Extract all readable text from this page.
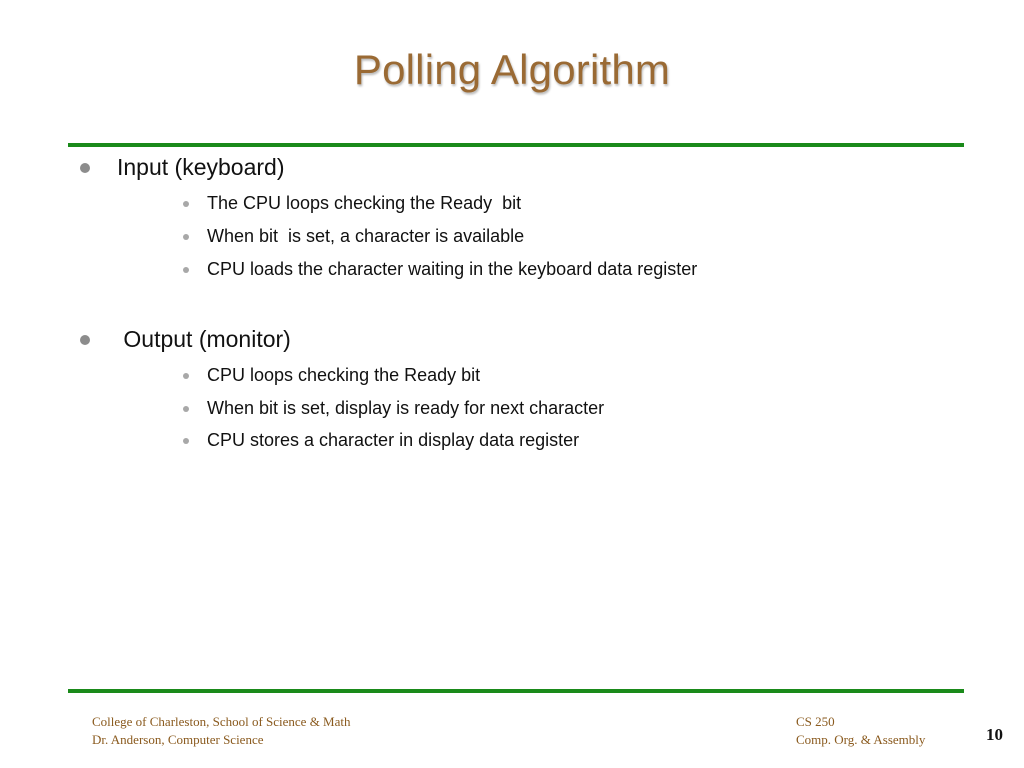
Polling Algorithm
Input (keyboard)
The CPU loops checking the Ready  bit
When bit  is set, a character is available
CPU loads the character waiting in the keyboard data register
Output (monitor)
CPU loops checking the Ready bit
When bit is set, display is ready for next character
CPU stores a character in display data register
College of Charleston, School of Science & Math
Dr. Anderson, Computer Science
CS 250
Comp. Org. & Assembly	10
